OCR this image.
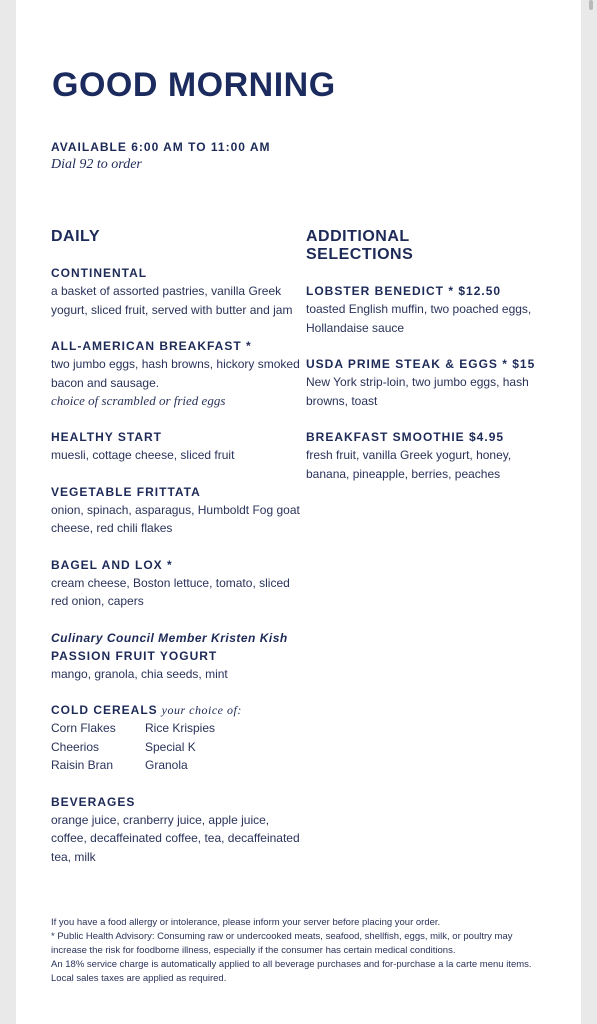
GOOD MORNING
AVAILABLE 6:00 AM TO 11:00 AM
Dial 92 to order
DAILY
CONTINENTAL
a basket of assorted pastries, vanilla Greek yogurt, sliced fruit, served with butter and jam
ALL-AMERICAN BREAKFAST *
two jumbo eggs, hash browns, hickory smoked bacon and sausage.
choice of scrambled or fried eggs
HEALTHY START
muesli, cottage cheese, sliced fruit
VEGETABLE FRITTATA
onion, spinach, asparagus, Humboldt Fog goat cheese, red chili flakes
BAGEL AND LOX *
cream cheese, Boston lettuce, tomato, sliced red onion, capers
Culinary Council Member Kristen Kish
PASSION FRUIT YOGURT
mango, granola, chia seeds, mint
COLD CEREALS your choice of:
Corn Flakes	Rice Krispies
Cheerios	Special K
Raisin Bran	Granola
BEVERAGES
orange juice, cranberry juice, apple juice, coffee, decaffeinated coffee, tea, decaffeinated tea, milk
ADDITIONAL
SELECTIONS
LOBSTER BENEDICT * $12.50
toasted English muffin, two poached eggs, Hollandaise sauce
USDA PRIME STEAK & EGGS * $15
New York strip-loin, two jumbo eggs, hash browns, toast
BREAKFAST SMOOTHIE $4.95
fresh fruit, vanilla Greek yogurt, honey, banana, pineapple, berries, peaches
If you have a food allergy or intolerance, please inform your server before placing your order.
* Public Health Advisory: Consuming raw or undercooked meats, seafood, shellfish, eggs, milk, or poultry may increase the risk for foodborne illness, especially if the consumer has certain medical conditions.
An 18% service charge is automatically applied to all beverage purchases and for-purchase a la carte menu items. Local sales taxes are applied as required.
